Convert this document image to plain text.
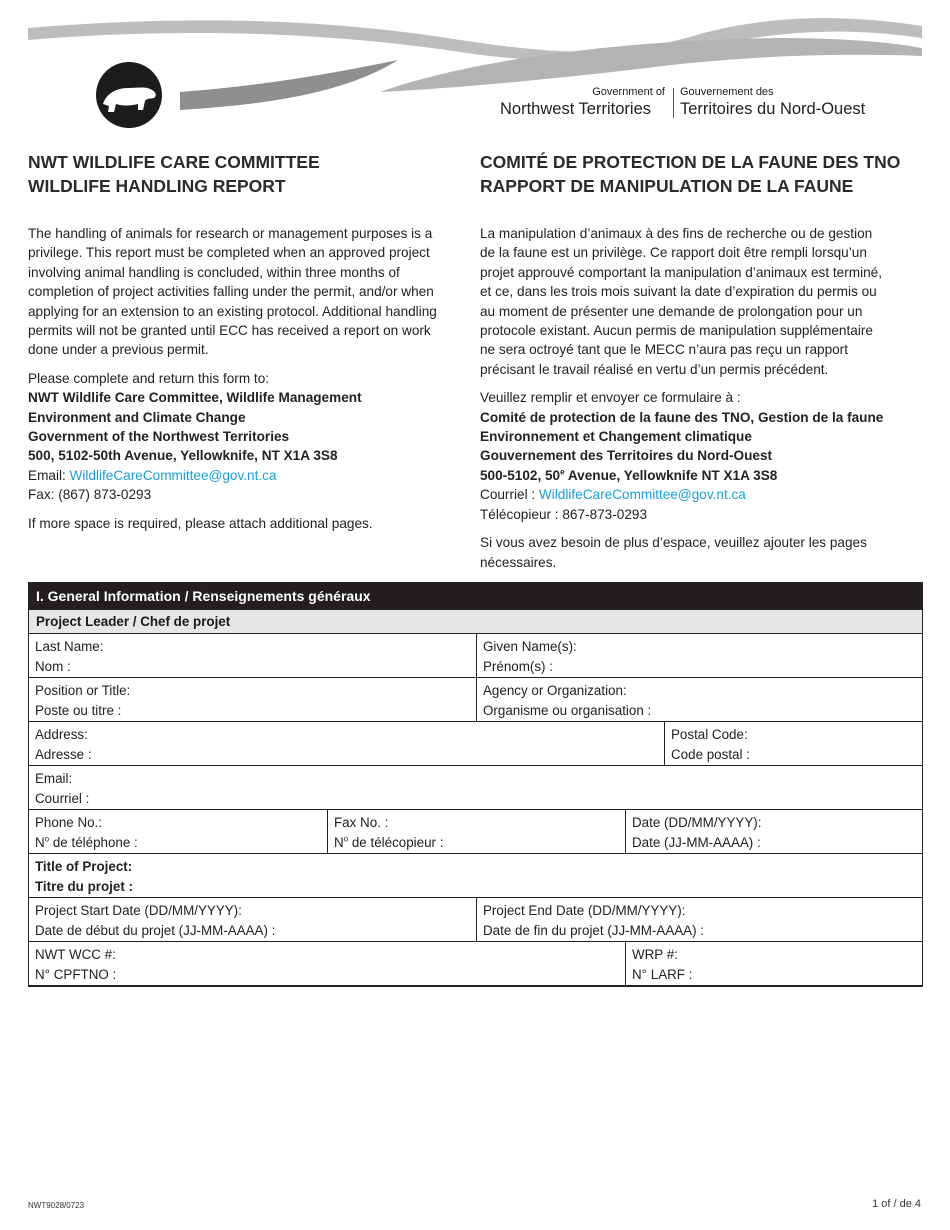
Government of
Northwest Territories
Gouvernement des
Territoires du Nord-Ouest
NWT WILDLIFE CARE COMMITTEE
WILDLIFE HANDLING REPORT
COMITÉ DE PROTECTION DE LA FAUNE DES TNO
RAPPORT DE MANIPULATION DE LA FAUNE

The handling of animals for research or management purposes is a
privilege. This report must be completed when an approved project
involving animal handling is concluded, within three months of
completion of project activities falling under the permit, and/or when
applying for an extension to an existing protocol. Additional handling
permits will not be granted until ECC has received a report on work
done under a previous permit.

Please complete and return this form to:
NWT Wildlife Care Committee, Wildlife Management
Environment and Climate Change
Government of the Northwest Territories
500, 5102-50th Avenue, Yellowknife, NT X1A 3S8
Email: WildlifeCareCommittee@gov.nt.ca
Fax: (867) 873-0293

If more space is required, please attach additional pages.

La manipulation d’animaux à des fins de recherche ou de gestion
de la faune est un privilège. Ce rapport doit être rempli lorsqu’un
projet approuvé comportant la manipulation d’animaux est terminé,
et ce, dans les trois mois suivant la date d’expiration du permis ou
au moment de présenter une demande de prolongation pour un
protocole existant. Aucun permis de manipulation supplémentaire
ne sera octroyé tant que le MECC n’aura pas reçu un rapport
précisant le travail réalisé en vertu d’un permis précédent.

Veuillez remplir et envoyer ce formulaire à :
Comité de protection de la faune des TNO, Gestion de la faune
Environnement et Changement climatique
Gouvernement des Territoires du Nord-Ouest
500-5102, 50e Avenue, Yellowknife NT X1A 3S8
Courriel : WildlifeCareCommittee@gov.nt.ca
Télécopieur : 867-873-0293

Si vous avez besoin de plus d’espace, veuillez ajouter les pages
nécessaires.

I. General Information / Renseignements généraux
Project Leader / Chef de projet
Last Name:
Nom :
Given Name(s):
Prénom(s) :
Position or Title:
Poste ou titre :
Agency or Organization:
Organisme ou organisation :
Address:
Adresse :
Postal Code:
Code postal :
Email:
Courriel :
Phone No.:
$N^o$ de téléphone :
Fax No. :
$N^o$ de télécopieur :
Date (DD/MM/YYYY):
Date (JJ-MM-AAAA) :
Title of Project:
Titre du projet :
Project Start Date (DD/MM/YYYY):
Date de début du projet (JJ-MM-AAAA) :
Project End Date (DD/MM/YYYY):
Date de fin du projet (JJ-MM-AAAA) :
NWT WCC #:
N° CPFTNO :
WRP #:
N° LARF :
NWT9028/0723	1 of / de 4
